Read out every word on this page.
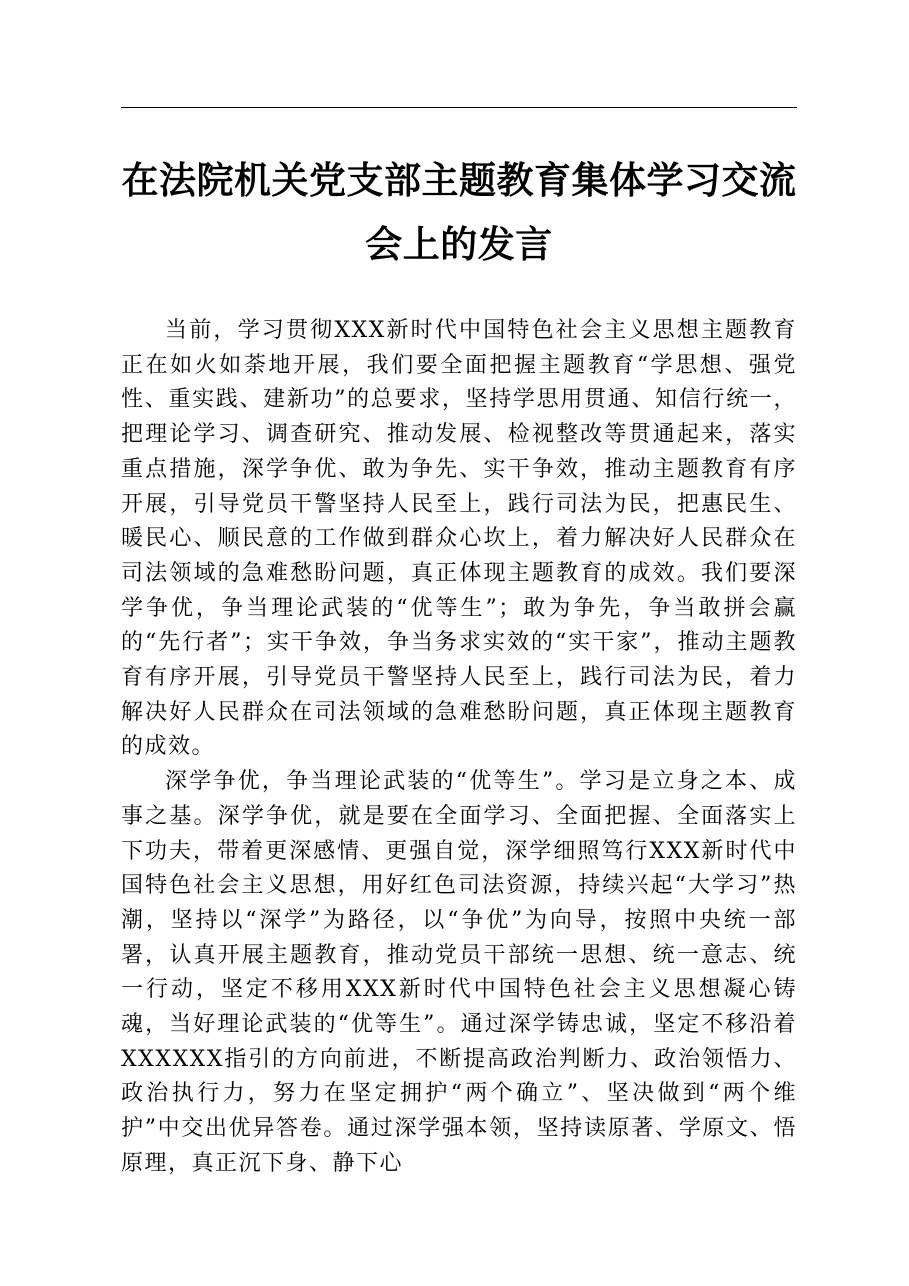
在法院机关党支部主题教育集体学习交流会上的发言

当前，学习贯彻XXX新时代中国特色社会主义思想主题教育正在如火如荼地开展，我们要全面把握主题教育“学思想、强党性、重实践、建新功”的总要求，坚持学思用贯通、知信行统一，把理论学习、调查研究、推动发展、检视整改等贯通起来，落实重点措施，深学争优、敢为争先、实干争效，推动主题教育有序开展，引导党员干警坚持人民至上，践行司法为民，把惠民生、暖民心、顺民意的工作做到群众心坎上，着力解决好人民群众在司法领域的急难愁盼问题，真正体现主题教育的成效。我们要深学争优，争当理论武装的“优等生”；敢为争先，争当敢拼会赢的“先行者”；实干争效，争当务求实效的“实干家”，推动主题教育有序开展，引导党员干警坚持人民至上，践行司法为民，着力解决好人民群众在司法领域的急难愁盼问题，真正体现主题教育的成效。

深学争优，争当理论武装的“优等生”。学习是立身之本、成事之基。深学争优，就是要在全面学习、全面把握、全面落实上下功夫，带着更深感情、更强自觉，深学细照笃行XXX新时代中国特色社会主义思想，用好红色司法资源，持续兴起“大学习”热潮，坚持以“深学”为路径，以“争优”为向导，按照中央统一部署，认真开展主题教育，推动党员干部统一思想、统一意志、统一行动，坚定不移用XXX新时代中国特色社会主义思想凝心铸魂，当好理论武装的“优等生”。通过深学铸忠诚，坚定不移沿着XXXXXX指引的方向前进，不断提高政治判断力、政治领悟力、政治执行力，努力在坚定拥护“两个确立”、坚决做到“两个维护”中交出优异答卷。通过深学强本领，坚持读原著、学原文、悟原理，真正沉下身、静下心
